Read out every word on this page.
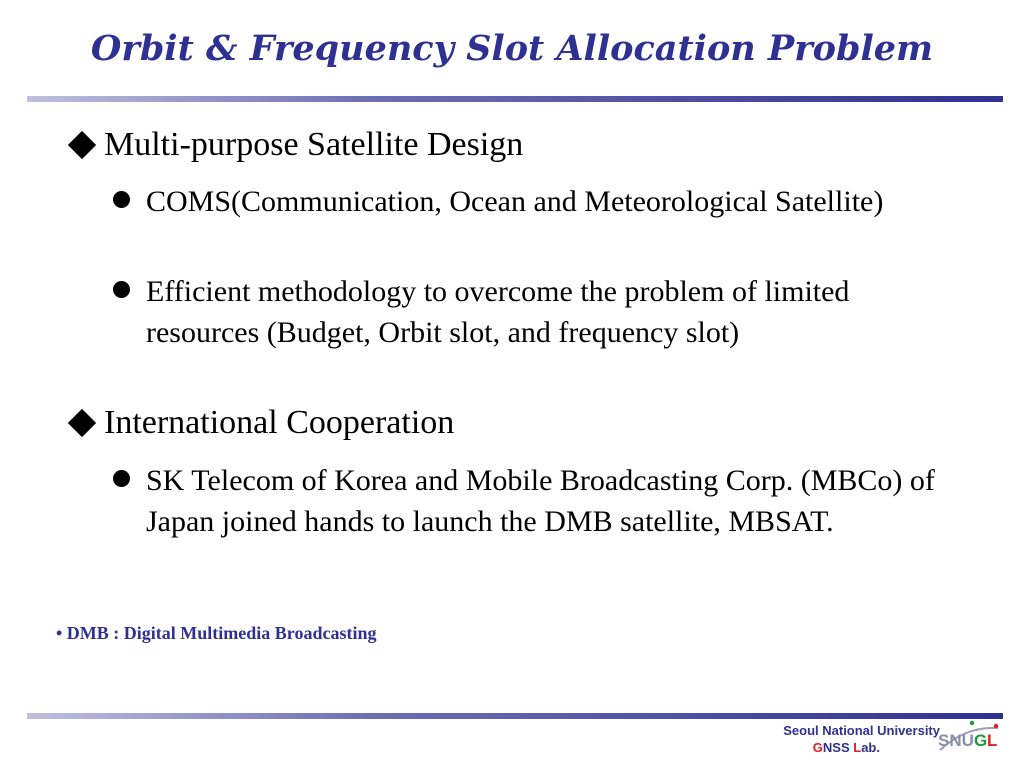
Orbit & Frequency Slot Allocation Problem
Multi-purpose Satellite Design
COMS(Communication, Ocean and Meteorological Satellite)
Efficient methodology to overcome the problem of limited resources (Budget, Orbit slot, and frequency slot)
International Cooperation
SK Telecom of Korea and Mobile Broadcasting Corp. (MBCo) of Japan joined hands to launch the DMB satellite, MBSAT.
• DMB : Digital Multimedia Broadcasting
Seoul National University
GNSS Lab.	SNU G L
